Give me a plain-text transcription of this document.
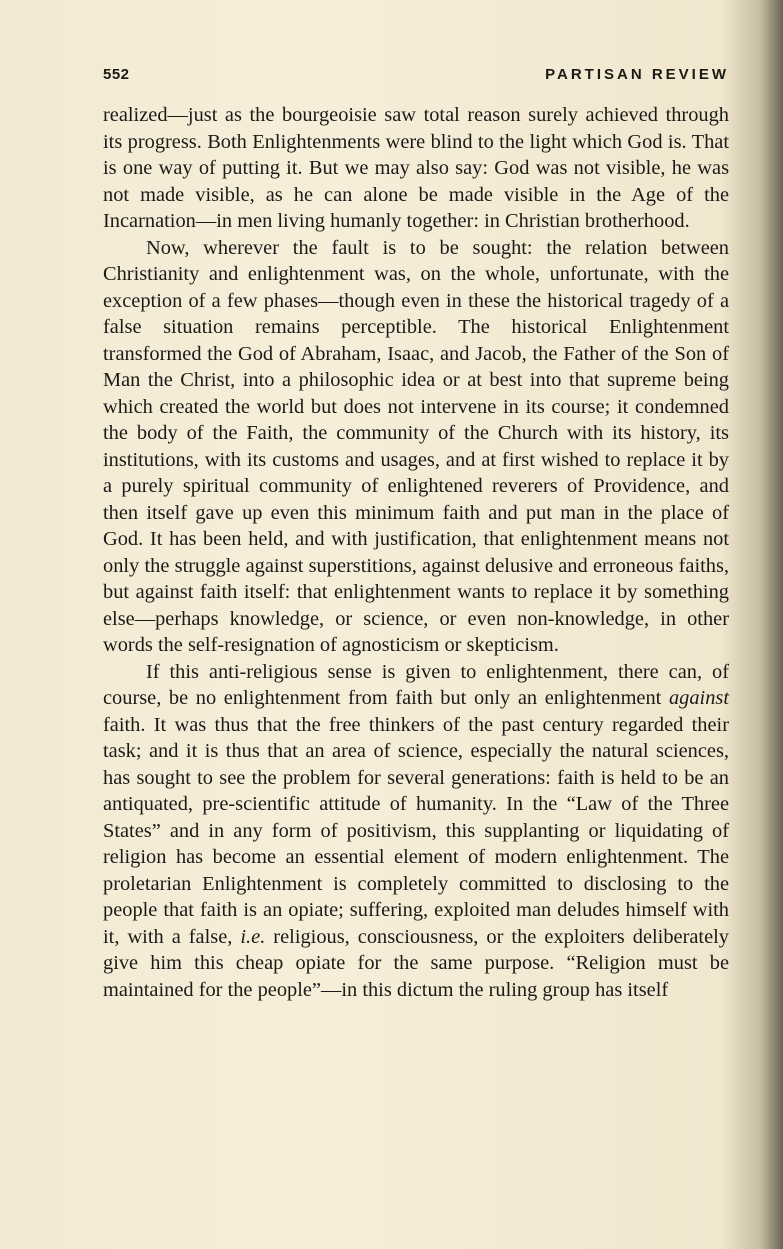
552	PARTISAN REVIEW

realized—just as the bourgeoisie saw total reason surely achieved through its progress. Both Enlightenments were blind to the light which God is. That is one way of putting it. But we may also say: God was not visible, he was not made visible, as he can alone be made visible in the Age of the Incarnation—in men living humanly together: in Christian brotherhood.

Now, wherever the fault is to be sought: the relation between Christianity and enlightenment was, on the whole, unfortunate, with the exception of a few phases—though even in these the historical tragedy of a false situation remains perceptible. The historical Enlightenment transformed the God of Abraham, Isaac, and Jacob, the Father of the Son of Man the Christ, into a philosophic idea or at best into that supreme being which created the world but does not intervene in its course; it condemned the body of the Faith, the community of the Church with its history, its institutions, with its customs and usages, and at first wished to replace it by a purely spiritual community of enlightened reverers of Providence, and then itself gave up even this minimum faith and put man in the place of God. It has been held, and with justification, that enlightenment means not only the struggle against superstitions, against delusive and erroneous faiths, but against faith itself: that enlightenment wants to replace it by something else—perhaps knowledge, or science, or even non-knowledge, in other words the self-resignation of agnosticism or skepticism.

If this anti-religious sense is given to enlightenment, there can, of course, be no enlightenment from faith but only an enlightenment against faith. It was thus that the free thinkers of the past century regarded their task; and it is thus that an area of science, especially the natural sciences, has sought to see the problem for several generations: faith is held to be an antiquated, pre-scientific attitude of humanity. In the “Law of the Three States” and in any form of positivism, this supplanting or liquidating of religion has become an essential element of modern enlightenment. The proletarian Enlightenment is completely committed to disclosing to the people that faith is an opiate; suffering, exploited man deludes himself with it, with a false, i.e. religious, consciousness, or the exploiters deliberately give him this cheap opiate for the same purpose. “Religion must be maintained for the people”—in this dictum the ruling group has itself
